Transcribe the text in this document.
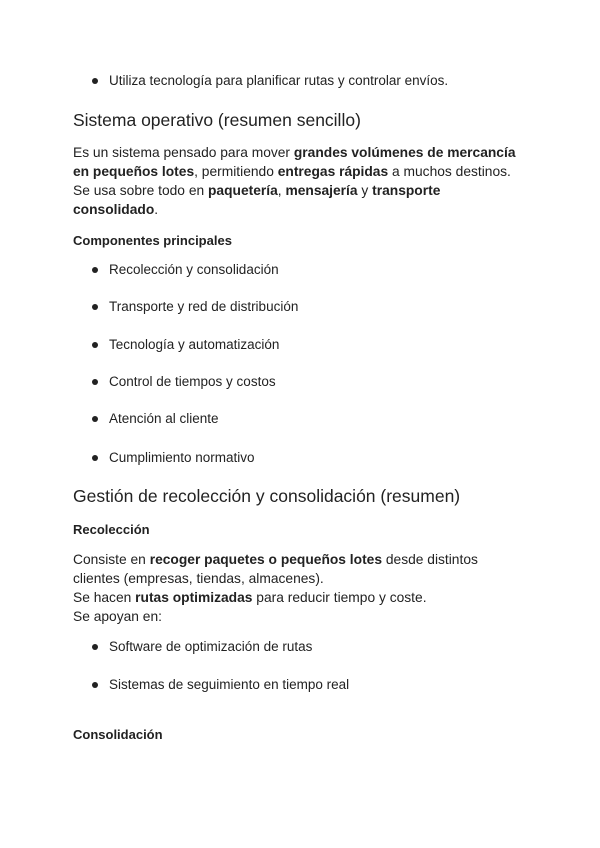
Utiliza tecnología para planificar rutas y controlar envíos.
Sistema operativo (resumen sencillo)
Es un sistema pensado para mover grandes volúmenes de mercancía
en pequeños lotes, permitiendo entregas rápidas a muchos destinos.
Se usa sobre todo en paquetería, mensajería y transporte
consolidado.
Componentes principales
Recolección y consolidación
Transporte y red de distribución
Tecnología y automatización
Control de tiempos y costos
Atención al cliente
Cumplimiento normativo
Gestión de recolección y consolidación (resumen)
Recolección
Consiste en recoger paquetes o pequeños lotes desde distintos
clientes (empresas, tiendas, almacenes).
Se hacen rutas optimizadas para reducir tiempo y coste.
Se apoyan en:
Software de optimización de rutas
Sistemas de seguimiento en tiempo real
Consolidación
